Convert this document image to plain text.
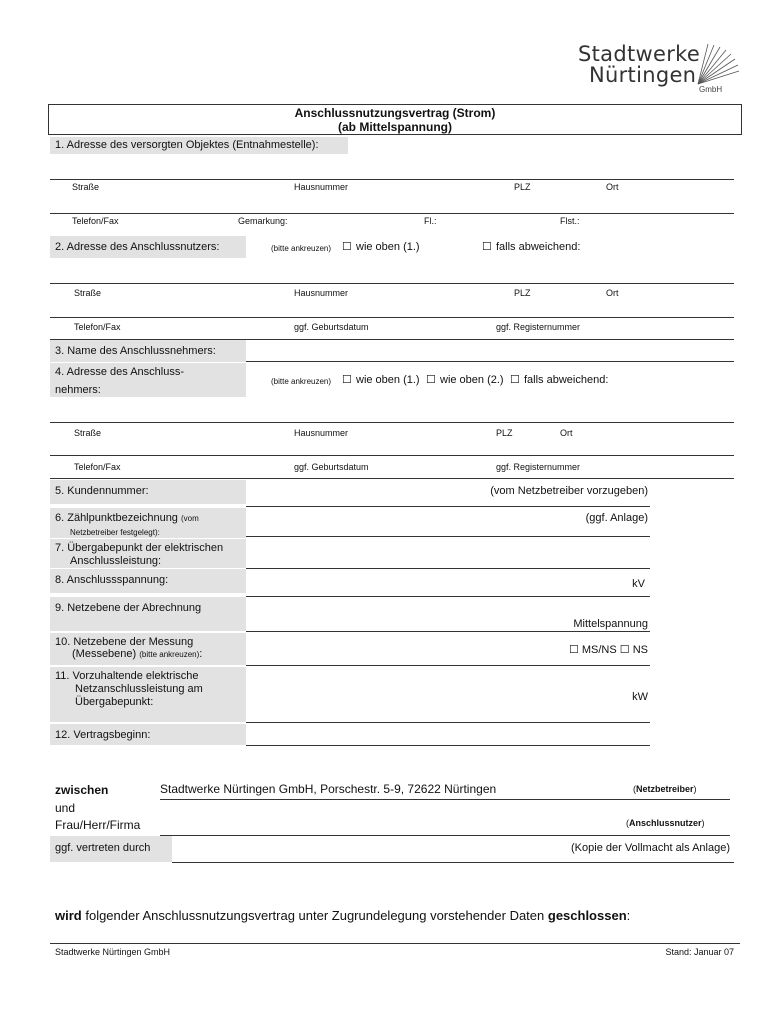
Stadtwerke
Nürtingen
GmbH
Anschlussnutzungsvertrag (Strom)
(ab Mittelspannung)
1. Adresse des versorgten Objektes (Entnahmestelle):
Straße	Hausnummer	PLZ	Ort
Telefon/Fax	Gemarkung:	Fl.:	Flst.:
2. Adresse des Anschlussnutzers:	(bitte ankreuzen) ☐ wie oben (1.)	☐ falls abweichend:
Straße	Hausnummer	PLZ	Ort
Telefon/Fax	ggf. Geburtsdatum	ggf. Registernummer
3. Name des Anschlussnehmers:
4. Adresse des Anschluss-
nehmers:
(bitte ankreuzen) ☐ wie oben (1.) ☐ wie oben (2.) ☐ falls abweichend:
Straße	Hausnummer	PLZ	Ort
Telefon/Fax	ggf. Geburtsdatum	ggf. Registernummer
5. Kundennummer:	(vom Netzbetreiber vorzugeben)
6. Zählpunktbezeichnung (vom
Netzbetreiber festgelegt):
(ggf. Anlage)
7. Übergabepunkt der elektrischen
Anschlussleistung:
8. Anschlussspannung:	kV
9. Netzebene der Abrechnung
Mittelspannung
10. Netzebene der Messung
(Messebene) (bitte ankreuzen):	☐ MS/NS ☐ NS
11. Vorzuhaltende elektrische
Netzanschlussleistung am
Übergabepunkt:	kW
12. Vertragsbeginn:
zwischen	Stadtwerke Nürtingen GmbH, Porschestr. 5-9, 72622 Nürtingen	(Netzbetreiber)
und
Frau/Herr/Firma	(Anschlussnutzer)
ggf. vertreten durch	(Kopie der Vollmacht als Anlage)
wird folgender Anschlussnutzungsvertrag unter Zugrundelegung vorstehender Daten geschlossen:
Stadtwerke Nürtingen GmbH	Stand: Januar 07
